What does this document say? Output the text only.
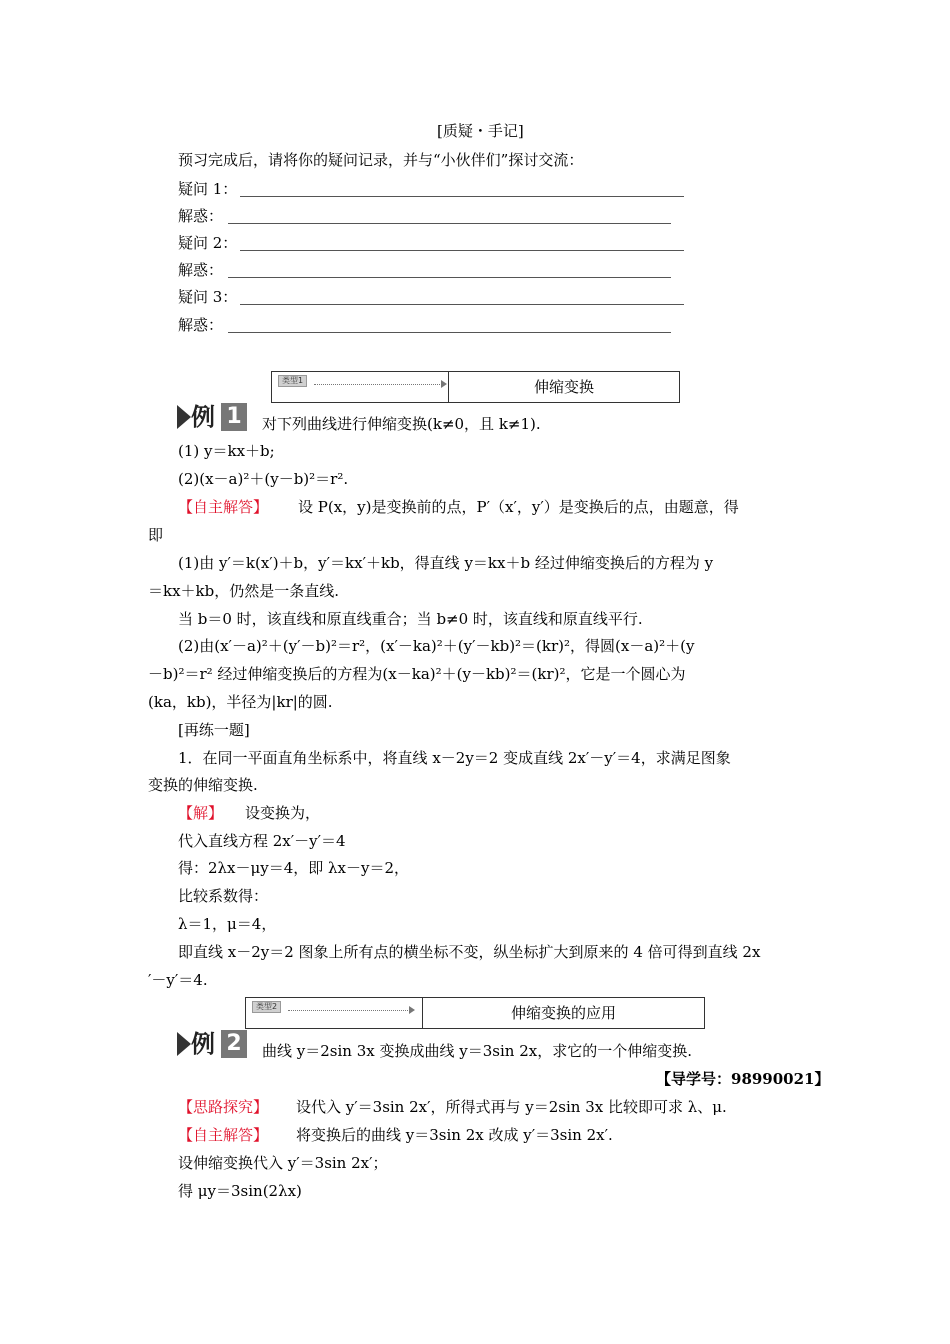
[质疑・手记]
预习完成后，请将你的疑问记录，并与“小伙伴们”探讨交流：
疑问 1：
解惑：
疑问 2：
解惑：
疑问 3：
解惑：
类型1	伸缩变换
例 1	对下列曲线进行伸缩变换(k≠0，且 k≠1).
(1) y＝kx＋b;
(2)(x－a)²＋(y－b)²＝r².
【自主解答】 设 P(x，y)是变换前的点，P′（x′，y′）是变换后的点，由题意，得
即
(1)由 y′＝k(x′)＋b，y′＝kx′＋kb，得直线 y＝kx＋b 经过伸缩变换后的方程为 y
＝kx＋kb，仍然是一条直线.
当 b＝0 时，该直线和原直线重合；当 b≠0 时，该直线和原直线平行.
(2)由(x′－a)²＋(y′－b)²＝r²，(x′－ka)²＋(y′－kb)²＝(kr)²，得圆(x－a)²＋(y
－b)²＝r² 经过伸缩变换后的方程为(x－ka)²＋(y－kb)²＝(kr)²，它是一个圆心为
(ka，kb)，半径为|kr|的圆.
[再练一题]
1．在同一平面直角坐标系中，将直线 x－2y＝2 变成直线 2x′－y′＝4，求满足图象
变换的伸缩变换.
【解】 设变换为，
代入直线方程 2x′－y′＝4
得：2λx－μy＝4，即 λx－y＝2，
比较系数得：
λ＝1，μ＝4，
即直线 x－2y＝2 图象上所有点的横坐标不变，纵坐标扩大到原来的 4 倍可得到直线 2x
′－y′＝4.
类型2	伸缩变换的应用
例 2	曲线 y＝2sin 3x 变换成曲线 y＝3sin 2x，求它的一个伸缩变换.
【导学号：98990021】
【思路探究】 设代入 y′＝3sin 2x′，所得式再与 y＝2sin 3x 比较即可求 λ、μ.
【自主解答】 将变换后的曲线 y＝3sin 2x 改成 y′＝3sin 2x′.
设伸缩变换代入 y′＝3sin 2x′；
得 μy＝3sin(2λx)
